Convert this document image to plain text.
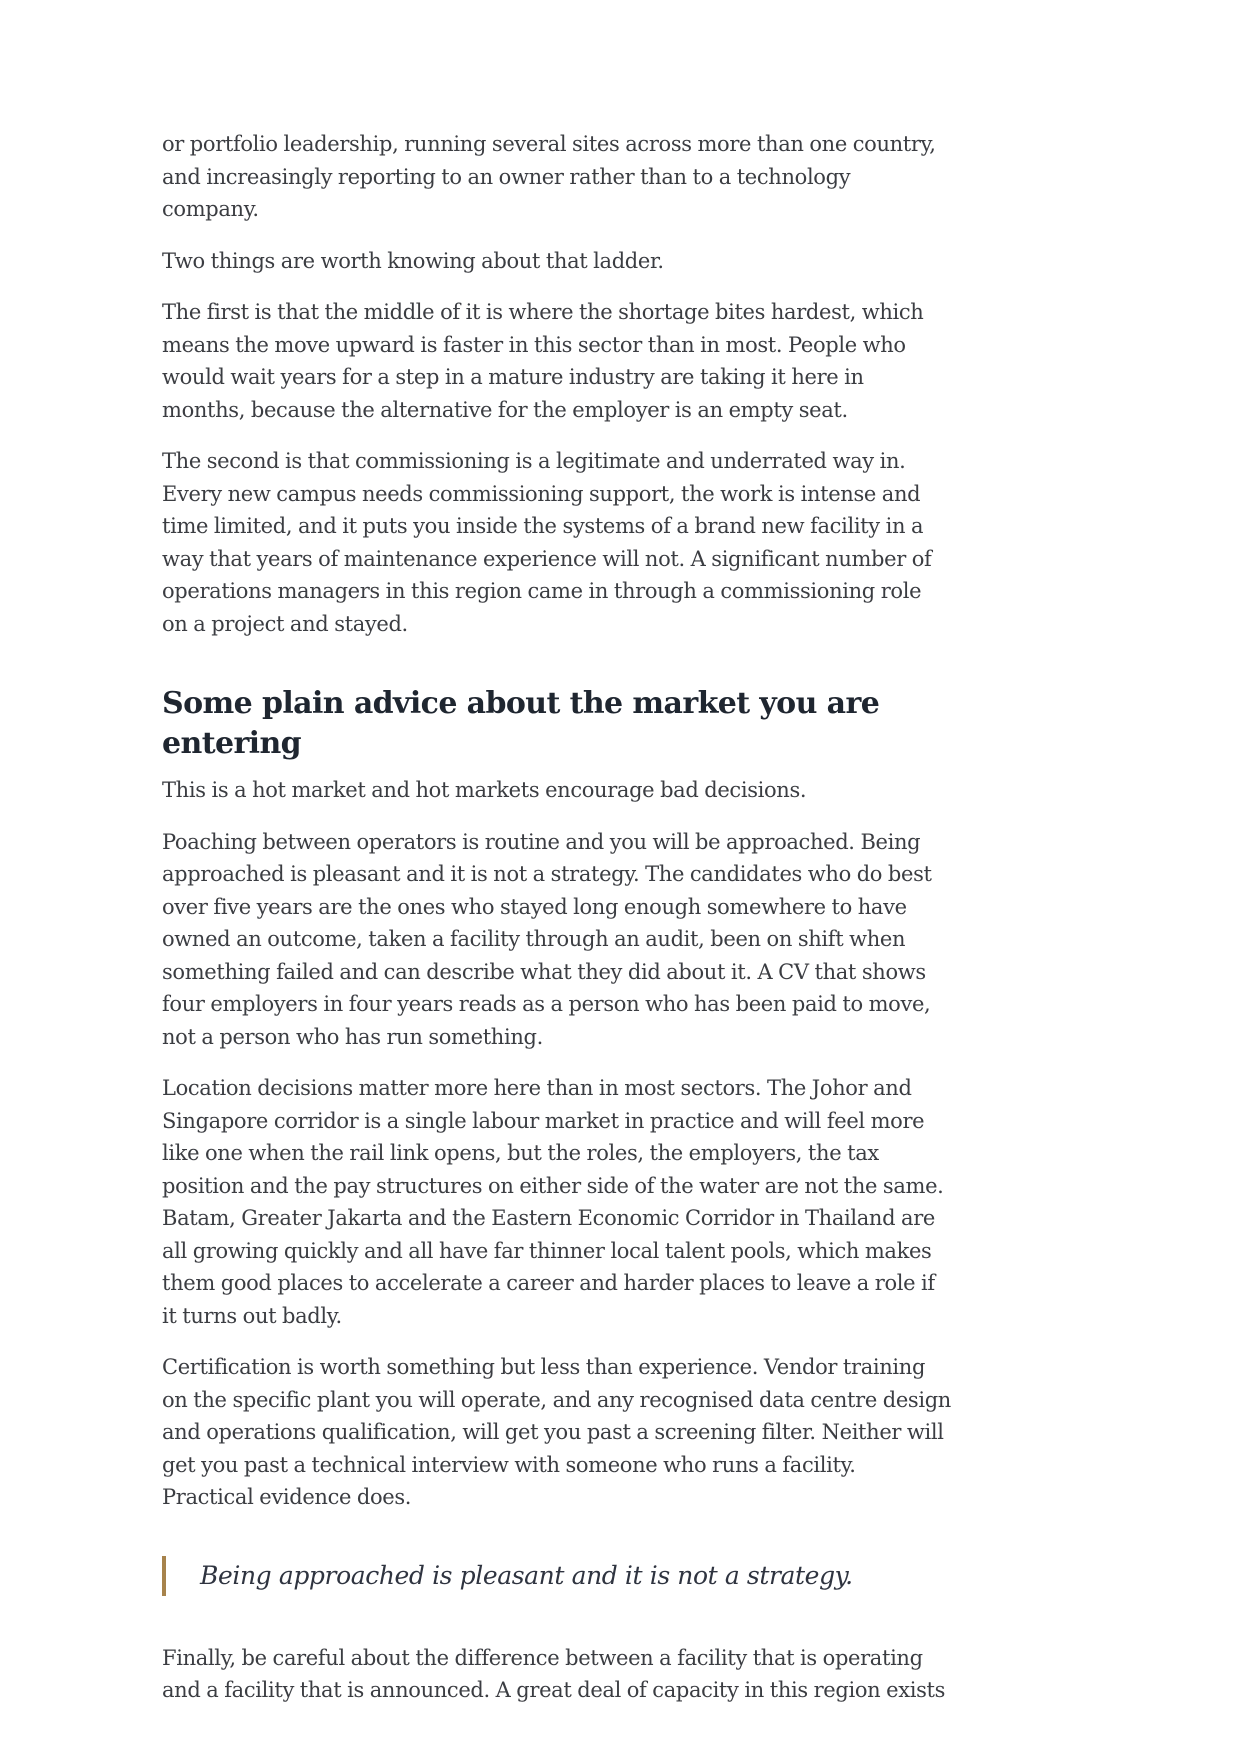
or portfolio leadership, running several sites across more than one country, and increasingly reporting to an owner rather than to a technology company.

Two things are worth knowing about that ladder.

The first is that the middle of it is where the shortage bites hardest, which means the move upward is faster in this sector than in most. People who would wait years for a step in a mature industry are taking it here in months, because the alternative for the employer is an empty seat.

The second is that commissioning is a legitimate and underrated way in. Every new campus needs commissioning support, the work is intense and time limited, and it puts you inside the systems of a brand new facility in a way that years of maintenance experience will not. A significant number of operations managers in this region came in through a commissioning role on a project and stayed.

Some plain advice about the market you are entering

This is a hot market and hot markets encourage bad decisions.

Poaching between operators is routine and you will be approached. Being approached is pleasant and it is not a strategy. The candidates who do best over five years are the ones who stayed long enough somewhere to have owned an outcome, taken a facility through an audit, been on shift when something failed and can describe what they did about it. A CV that shows four employers in four years reads as a person who has been paid to move, not a person who has run something.

Location decisions matter more here than in most sectors. The Johor and Singapore corridor is a single labour market in practice and will feel more like one when the rail link opens, but the roles, the employers, the tax position and the pay structures on either side of the water are not the same. Batam, Greater Jakarta and the Eastern Economic Corridor in Thailand are all growing quickly and all have far thinner local talent pools, which makes them good places to accelerate a career and harder places to leave a role if it turns out badly.

Certification is worth something but less than experience. Vendor training on the specific plant you will operate, and any recognised data centre design and operations qualification, will get you past a screening filter. Neither will get you past a technical interview with someone who runs a facility. Practical evidence does.

Being approached is pleasant and it is not a strategy.

Finally, be careful about the difference between a facility that is operating and a facility that is announced. A great deal of capacity in this region exists
